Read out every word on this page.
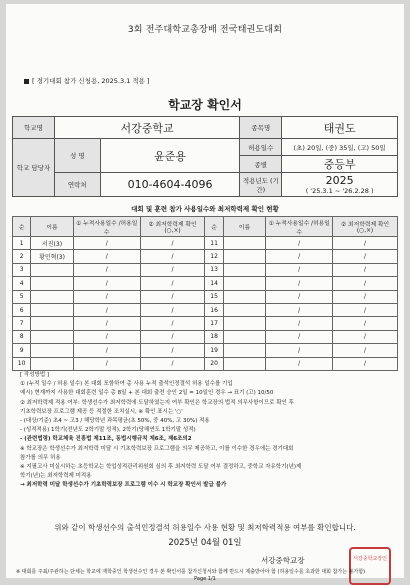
3회 전주대학교총장배 전국태권도대회
[ 경기대회 참가 신청용, 2025.3.1 적용 ]
학교장 확인서
학교명	서강중학교		종목명	태권도
학교 담당자	성 명	윤준용	허용일수	(초) 20일, (중) 35일, (고) 50일
			종별	중등부
	연락처	010-4604-4096	적용년도 (기간)	2025
( '25.3.1 ~ '26.2.28 )
대회 및 훈련 참가 사용일수와 최저학력제 확인 현황
순	이름	① 누적사용일수 /허용일수	② 최저학력제 확인(○,×)	순	이름	① 누적사용일수 /허용일수	② 최저학력제 확인(○,×)
1	서진(3)	/	/	11		/	/
2	황민혁(3)	/	/	12		/	/
3		/	/	13		/	/
4		/	/	14		/	/
5		/	/	15		/	/
6		/	/	16		/	/
7		/	/	17		/	/
8		/	/	18		/	/
9		/	/	19		/	/
10		/	/	20		/	/
[ 작성방법 ]
① (누적 일수 / 허용 일수) 본 대회 포함하여 총 사용 누적 출석인정결석 허용 일수를 기입
예시) 현재까지 사용한 대회훈련 일수 총 8일 + 본 대회 출전 승인 2일 = 10일인 경우 → 표기 (고) 10/50
② 최저학력제 적용 여부: 학생선수가 최저학력에 도달하였는지 여부 확인은 학교장의 법적 의무사항이므로 확인 후
기초학력보장 프로그램 제공 등 적절한 조치실시, ※ 확인 표시는 '○'
- (대상/기준) 초4 ~ 고3 / 해당학년 과목평균(초 50%, 중 40%, 고 30%) 적용
- (성적적용) 1학기(전년도 2학기말 성적), 2학기(당해연도 1학기말 성적)
- (관련법령) 학교체육 진흥법 제11조, 동법시행규칙 제6조, 제6조의2
※ 학교장은 학생선수가 최저학력 미달 시 기초학력보장 프로그램을 의무 제공하고, 이를 이수한 경우에는 경기대회
참가를 의무 허용
※ 지필고사 미실시하는 초등학교는 학업성적관리위원회 심의 후 최저학력 도달 여부 결정하고, 중학교 자유학기(년)제
학기(년)는 최저학력제 미적용
→ 최저학력 미달 학생선수가 기초학력보장 프로그램 이수 시 학교장 확인서 발급 불가
위와 같이 학생선수의 출석인정결석 허용일수 사용 현황 및 최저학력적용 여부를 확인합니다.
2025년 04월 01일
서강중학교장	서강중학교장인
※ 대회를 주최/주관하는 단체는 학교에 재학중인 학생선수인 경우 본 확인서를 참가신청서와 함께 반드시 제출받아야 함 (허용일수를 초과한 대회 참가는 불가함)
Page 1/1
